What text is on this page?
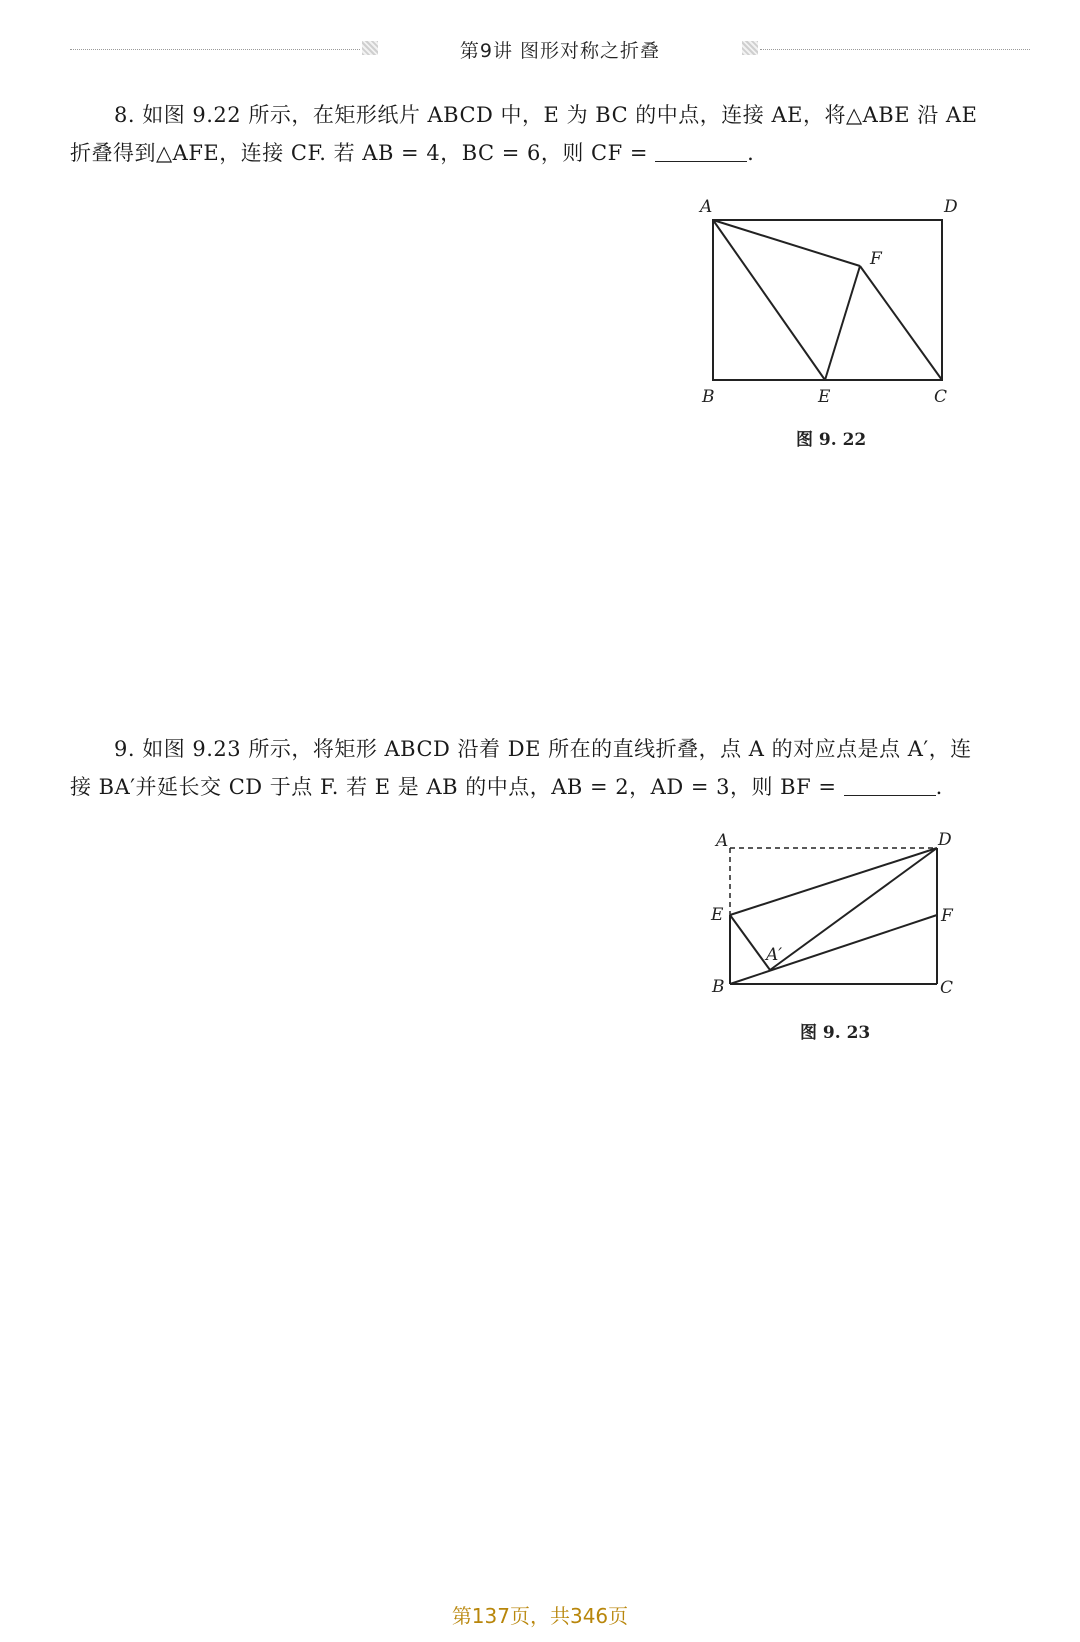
第9讲 图形对称之折叠

8. 如图 9.22 所示，在矩形纸片 ABCD 中，E 为 BC 的中点，连接 AE，将△ABE 沿 AE

折叠得到△AFE，连接 CF. 若 AB = 4，BC = 6，则 CF =	.

A	D
F
B	E	C
图 9. 22

9. 如图 9.23 所示，将矩形 ABCD 沿着 DE 所在的直线折叠，点 A 的对应点是点 A′，连

接 BA′并延长交 CD 于点 F. 若 E 是 AB 的中点，AB = 2，AD = 3，则 BF =	.

A	D
E	F
A′
B	C
图 9. 23
第137页，共346页
